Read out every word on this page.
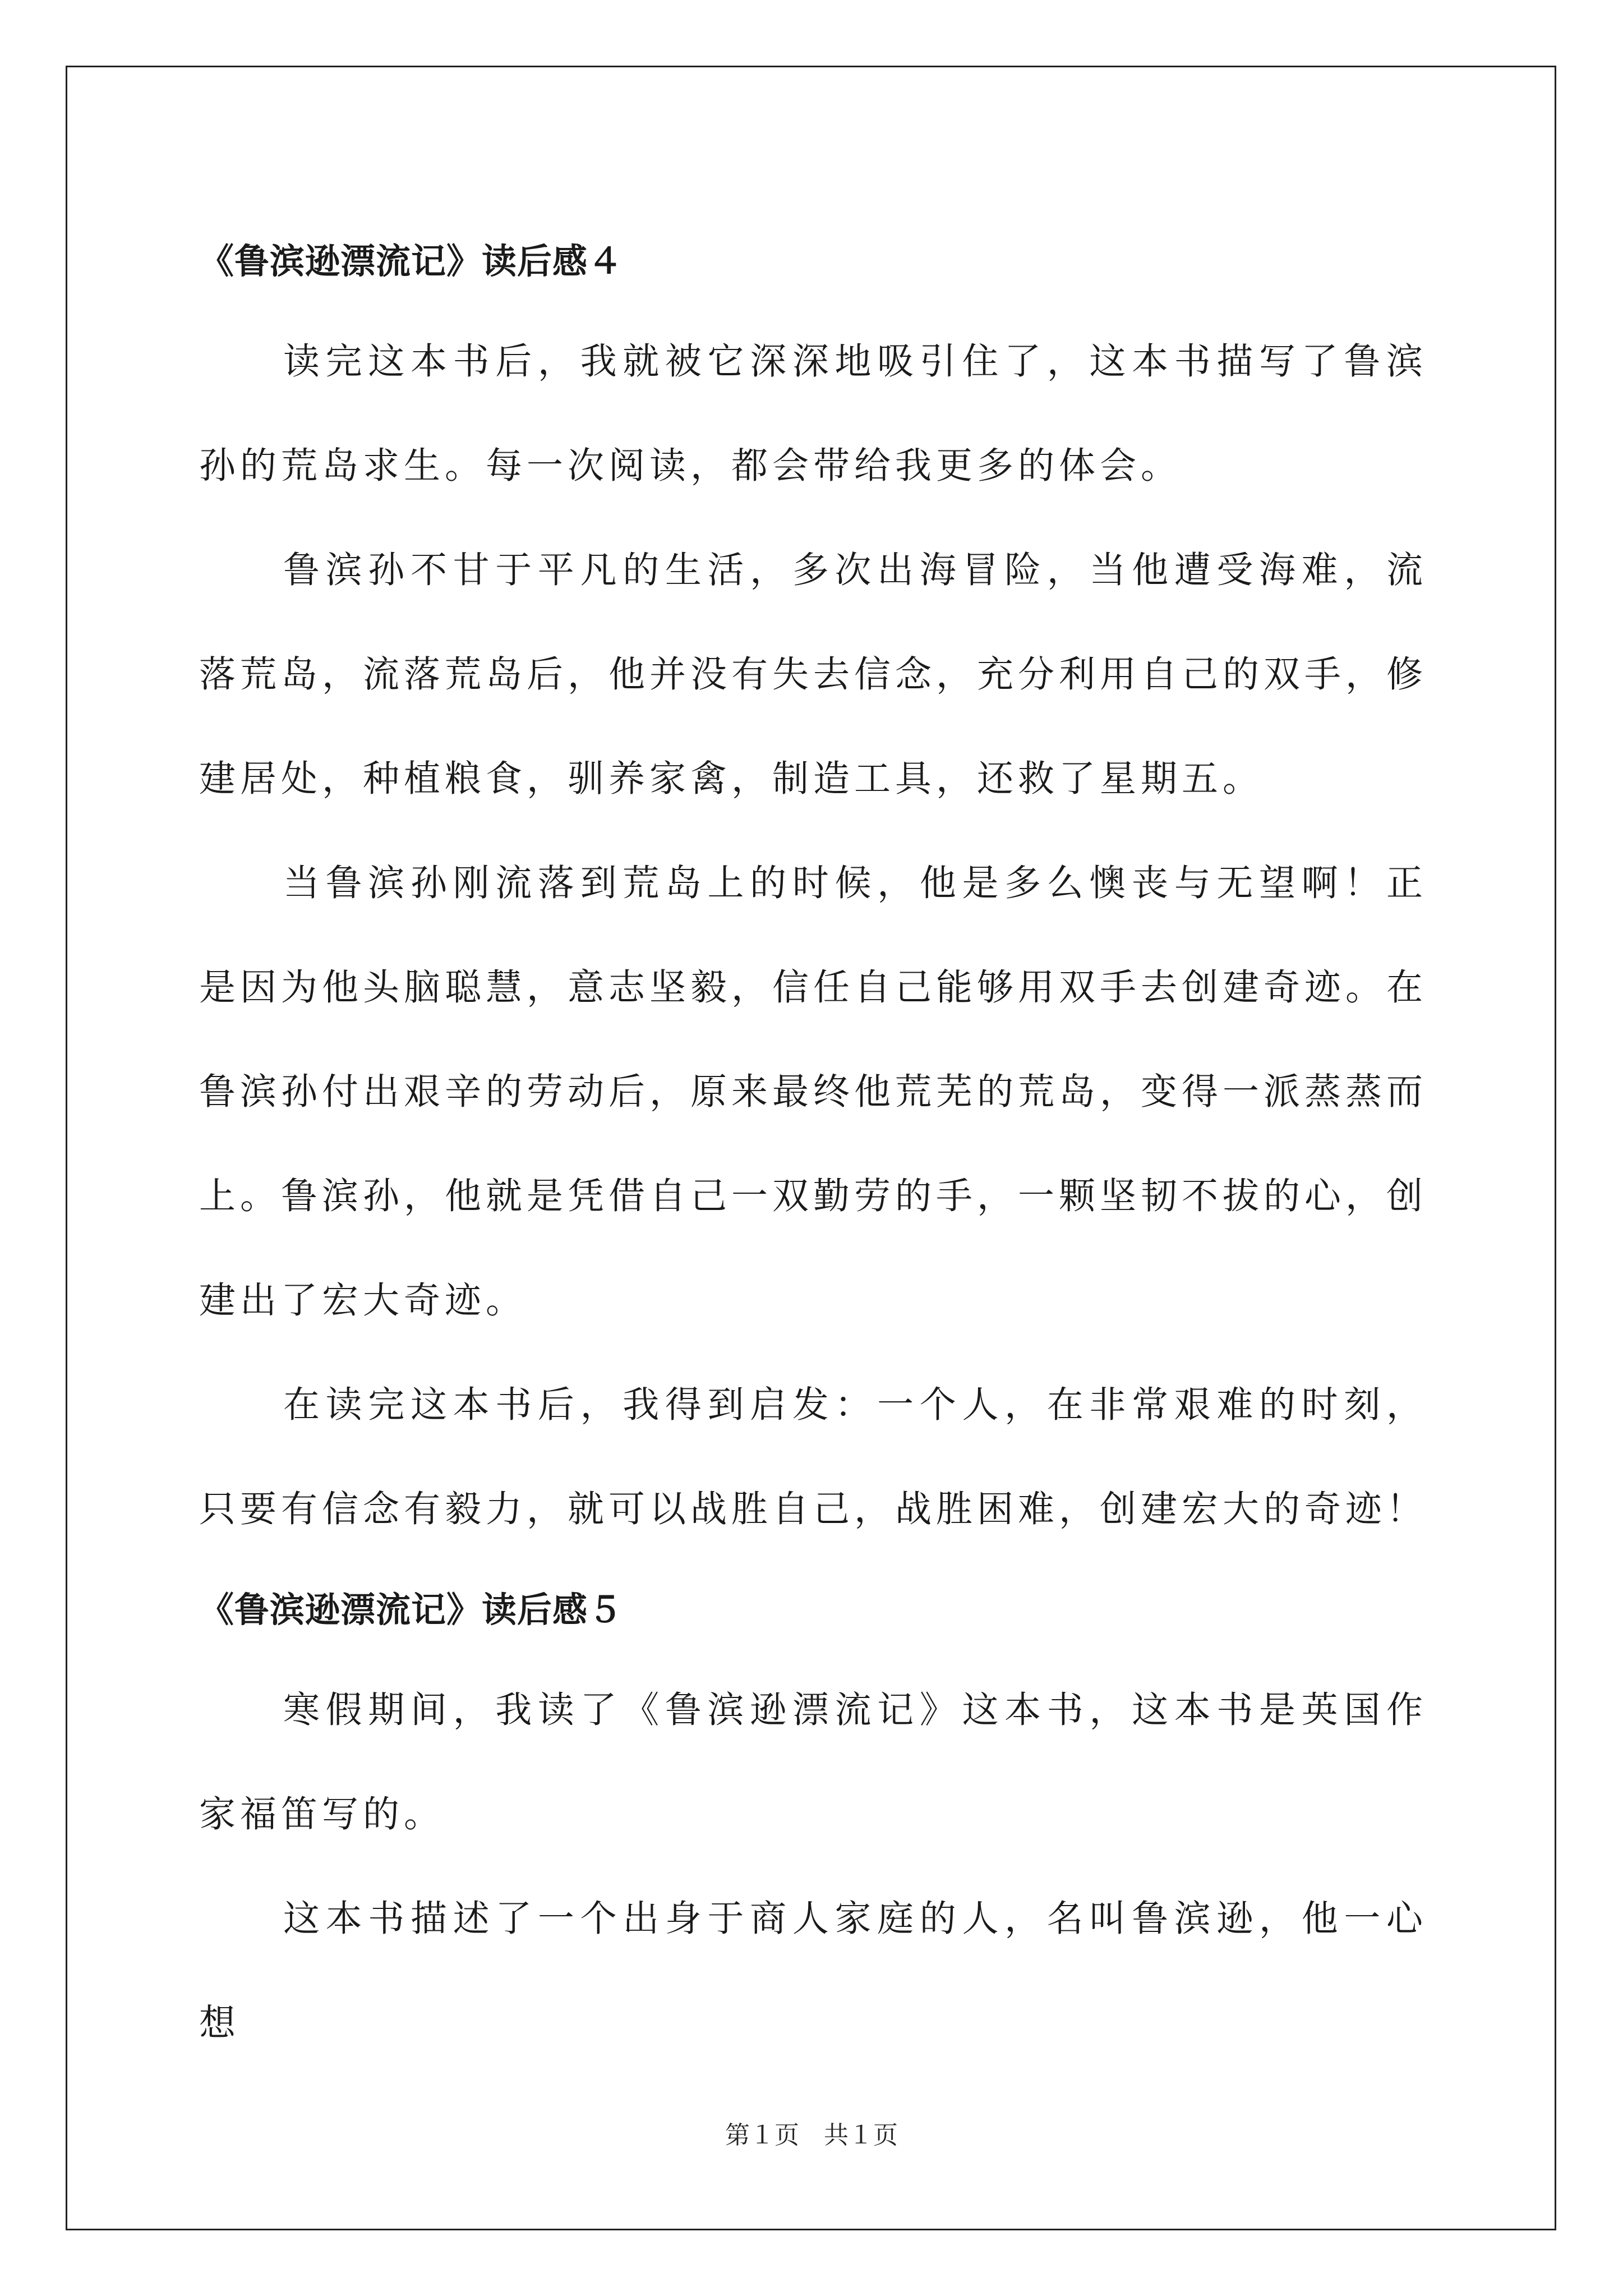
《鲁滨逊漂流记》读后感４

读完这本书后，我就被它深深地吸引住了，这本书描写了鲁滨孙的荒岛求生。每一次阅读，都会带给我更多的体会。

鲁滨孙不甘于平凡的生活，多次出海冒险，当他遭受海难，流落荒岛，流落荒岛后，他并没有失去信念，充分利用自己的双手，修建居处，种植粮食，驯养家禽，制造工具，还救了星期五。

当鲁滨孙刚流落到荒岛上的时候，他是多么懊丧与无望啊！正是因为他头脑聪慧，意志坚毅，信任自己能够用双手去创建奇迹。在鲁滨孙付出艰辛的劳动后，原来最终他荒芜的荒岛，变得一派蒸蒸而上。鲁滨孙，他就是凭借自己一双勤劳的手，一颗坚韧不拔的心，创建出了宏大奇迹。

在读完这本书后，我得到启发：一个人，在非常艰难的时刻，只要有信念有毅力，就可以战胜自己，战胜困难，创建宏大的奇迹！

《鲁滨逊漂流记》读后感５

寒假期间，我读了《鲁滨逊漂流记》这本书，这本书是英国作家福笛写的。

这本书描述了一个出身于商人家庭的人，名叫鲁滨逊，他一心想

第１页　共１页
